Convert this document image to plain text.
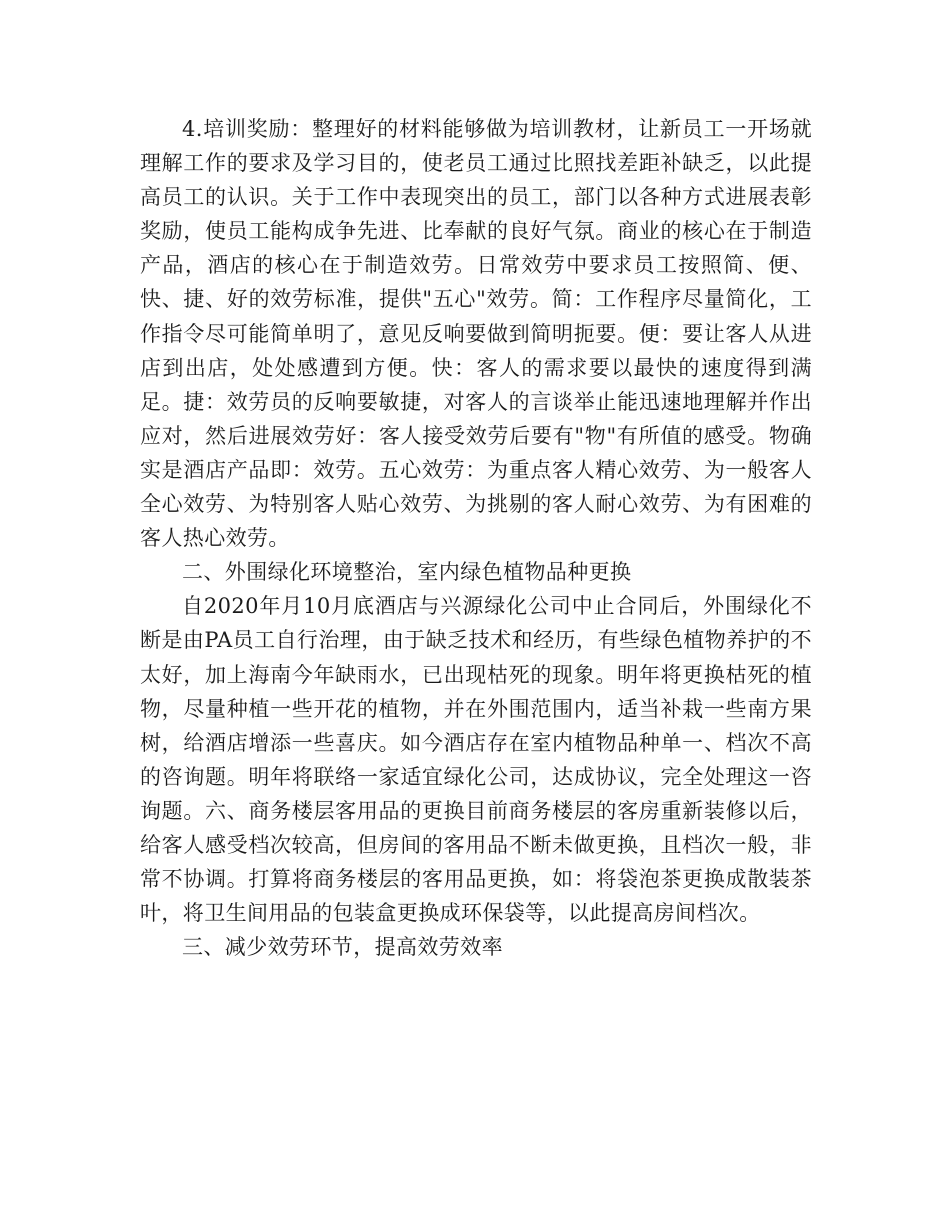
4.培训奖励：整理好的材料能够做为培训教材，让新员工一开场就理解工作的要求及学习目的，使老员工通过比照找差距补缺乏，以此提高员工的认识。关于工作中表现突出的员工，部门以各种方式进展表彰奖励，使员工能构成争先进、比奉献的良好气氛。商业的核心在于制造产品，酒店的核心在于制造效劳。日常效劳中要求员工按照简、便、快、捷、好的效劳标准，提供"五心"效劳。简：工作程序尽量简化，工作指令尽可能简单明了，意见反响要做到简明扼要。便：要让客人从进店到出店，处处感遭到方便。快：客人的需求要以最快的速度得到满足。捷：效劳员的反响要敏捷，对客人的言谈举止能迅速地理解并作出应对，然后进展效劳好：客人接受效劳后要有"物"有所值的感受。物确实是酒店产品即：效劳。五心效劳：为重点客人精心效劳、为一般客人全心效劳、为特别客人贴心效劳、为挑剔的客人耐心效劳、为有困难的客人热心效劳。

二、外围绿化环境整治，室内绿色植物品种更换

自2020年月10月底酒店与兴源绿化公司中止合同后，外围绿化不断是由PA员工自行治理，由于缺乏技术和经历，有些绿色植物养护的不太好，加上海南今年缺雨水，已出现枯死的现象。明年将更换枯死的植物，尽量种植一些开花的植物，并在外围范围内，适当补栽一些南方果树，给酒店增添一些喜庆。如今酒店存在室内植物品种单一、档次不高的咨询题。明年将联络一家适宜绿化公司，达成协议，完全处理这一咨询题。六、商务楼层客用品的更换目前商务楼层的客房重新装修以后，给客人感受档次较高，但房间的客用品不断未做更换，且档次一般，非常不协调。打算将商务楼层的客用品更换，如：将袋泡茶更换成散装茶叶，将卫生间用品的包装盒更换成环保袋等，以此提高房间档次。

三、减少效劳环节，提高效劳效率
